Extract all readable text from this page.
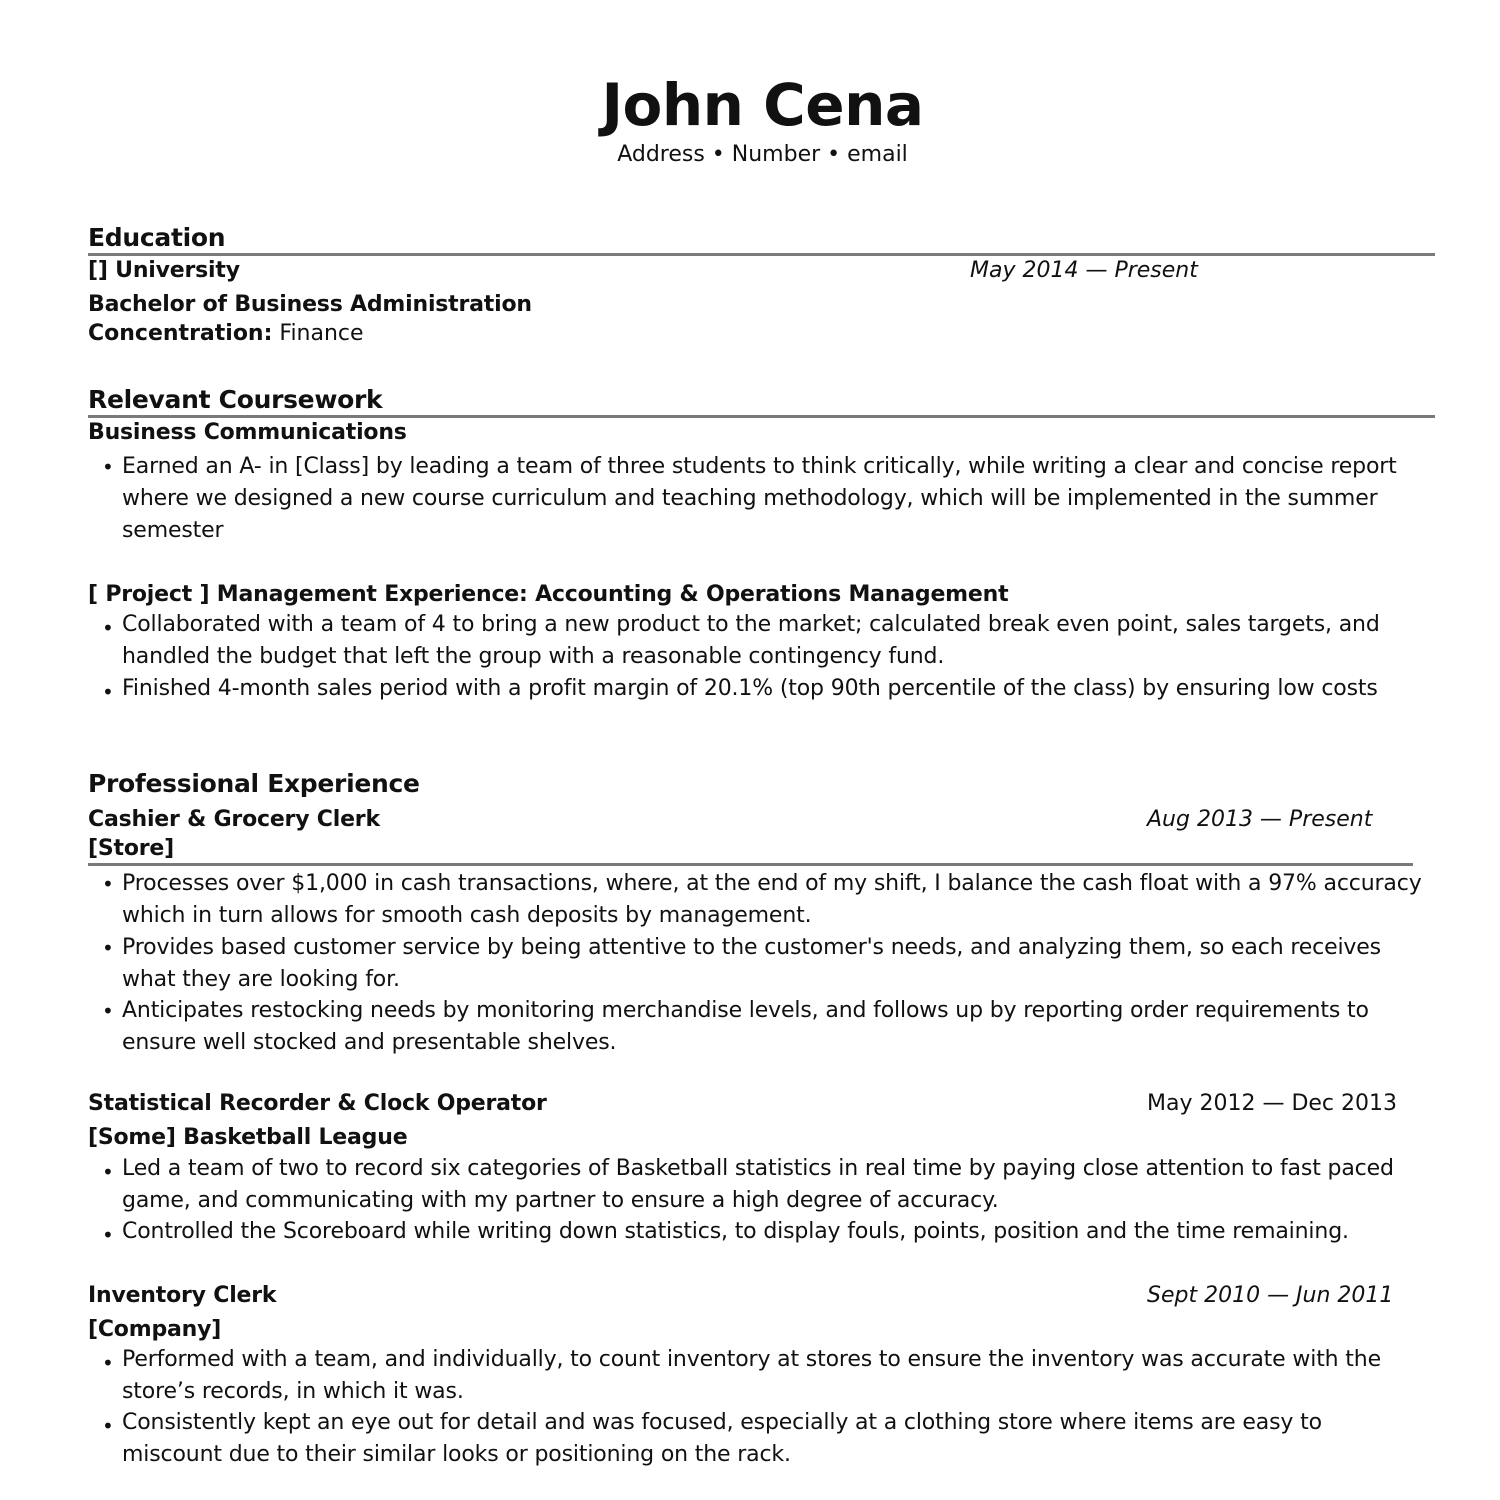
John Cena
Address • Number • email
Education
[] University	May 2014 — Present
Bachelor of Business Administration
Concentration: Finance
Relevant Coursework
Business Communications
• Earned an A- in [Class] by leading a team of three students to think critically, while writing a clear and concise report where we designed a new course curriculum and teaching methodology, which will be implemented in the summer semester
[ Project ] Management Experience: Accounting & Operations Management
• Collaborated with a team of 4 to bring a new product to the market; calculated break even point, sales targets, and handled the budget that left the group with a reasonable contingency fund.
• Finished 4-month sales period with a profit margin of 20.1% (top 90th percentile of the class) by ensuring low costs
Professional Experience
Cashier & Grocery Clerk	Aug 2013 — Present
[Store]
• Processes over $1,000 in cash transactions, where, at the end of my shift, I balance the cash float with a 97% accuracy which in turn allows for smooth cash deposits by management.
• Provides based customer service by being attentive to the customer's needs, and analyzing them, so each receives what they are looking for.
• Anticipates restocking needs by monitoring merchandise levels, and follows up by reporting order requirements to ensure well stocked and presentable shelves.
Statistical Recorder & Clock Operator	May 2012 — Dec 2013
[Some] Basketball League
• Led a team of two to record six categories of Basketball statistics in real time by paying close attention to fast paced game, and communicating with my partner to ensure a high degree of accuracy.
• Controlled the Scoreboard while writing down statistics, to display fouls, points, position and the time remaining.
Inventory Clerk	Sept 2010 — Jun 2011
[Company]
• Performed with a team, and individually, to count inventory at stores to ensure the inventory was accurate with the store’s records, in which it was.
• Consistently kept an eye out for detail and was focused, especially at a clothing store where items are easy to miscount due to their similar looks or positioning on the rack.
